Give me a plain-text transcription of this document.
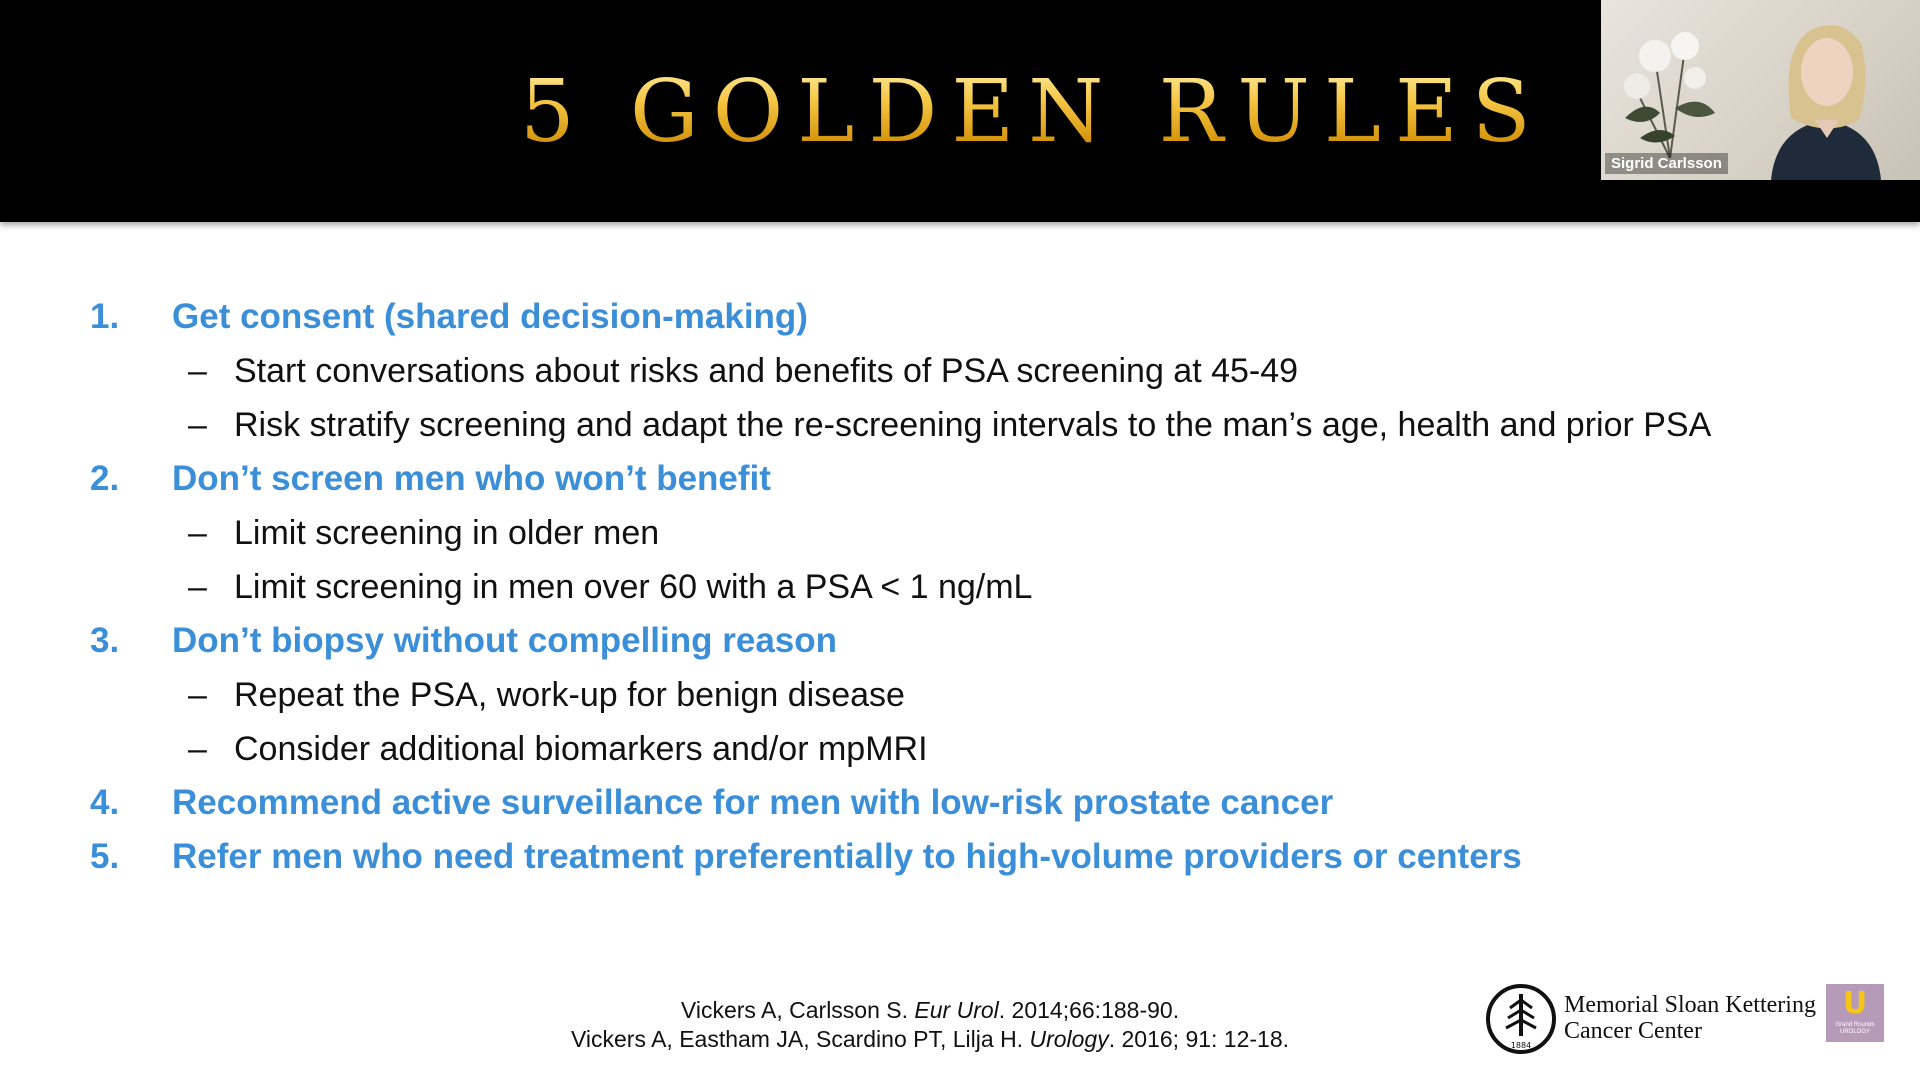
5 GOLDEN RULES
Sigrid Carlsson
1.	Get consent (shared decision-making)
– Start conversations about risks and benefits of PSA screening at 45-49
– Risk stratify screening and adapt the re-screening intervals to the man’s age, health and prior PSA
2.	Don’t screen men who won’t benefit
– Limit screening in older men
– Limit screening in men over 60 with a PSA < 1 ng/mL
3.	Don’t biopsy without compelling reason
– Repeat the PSA, work-up for benign disease
– Consider additional biomarkers and/or mpMRI
4.	Recommend active surveillance for men with low-risk prostate cancer
5.	Refer men who need treatment preferentially to high-volume providers or centers
Vickers A, Carlsson S. Eur Urol. 2014;66:188-90.
Vickers A, Eastham JA, Scardino PT, Lilja H. Urology. 2016; 91: 12-18.	1884
Memorial Sloan Kettering
Cancer Center
U
Grand Rounds
UROLOGY
